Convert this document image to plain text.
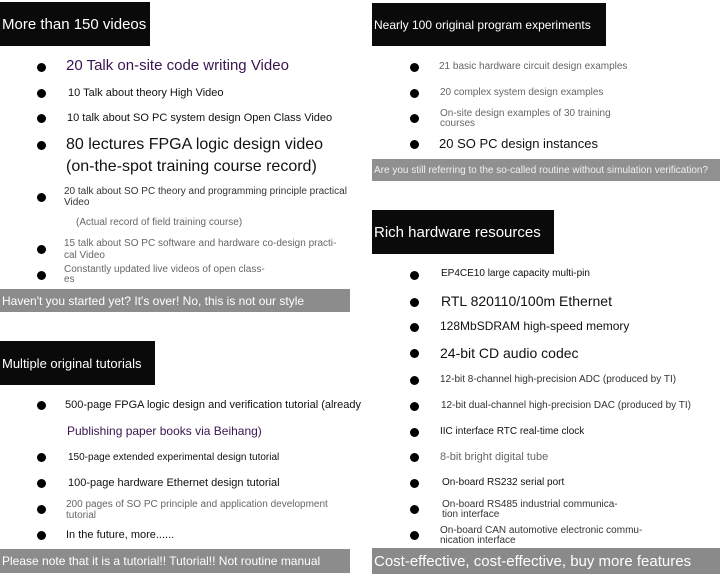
More than 150 videos
20 Talk on-site code writing Video
10 Talk about theory High Video
10 talk about SO PC system design Open Class Video
80 lectures FPGA logic design video
(on-the-spot training course record)
20 talk about SO PC theory and programming principle practical
Video
(Actual record of field training course)
15 talk about SO PC software and hardware co-design practi-
cal Video
Constantly updated live videos of open class-
es
Haven't you started yet? It's over! No, this is not our style
Multiple original tutorials
500-page FPGA logic design and verification tutorial (already
Publishing paper books via Beihang)
150-page extended experimental design tutorial
100-page hardware Ethernet design tutorial
200 pages of SO PC principle and application development
tutorial
In the future, more......
Please note that it is a tutorial!! Tutorial!! Not routine manual
Nearly 100 original program experiments
21 basic hardware circuit design examples
20 complex system design examples
On-site design examples of 30 training
courses
20 SO PC design instances
Are you still referring to the so-called routine without simulation verification?
Rich hardware resources
EP4CE10 large capacity multi-pin
RTL 820110/100m Ethernet
128MbSDRAM high-speed memory
24-bit CD audio codec
12-bit 8-channel high-precision ADC (produced by TI)
12-bit dual-channel high-precision DAC (produced by TI)
IIC interface RTC real-time clock
8-bit bright digital tube
On-board RS232 serial port
On-board RS485 industrial communica-
tion interface
On-board CAN automotive electronic commu-
nication interface
Cost-effective, cost-effective, buy more features
